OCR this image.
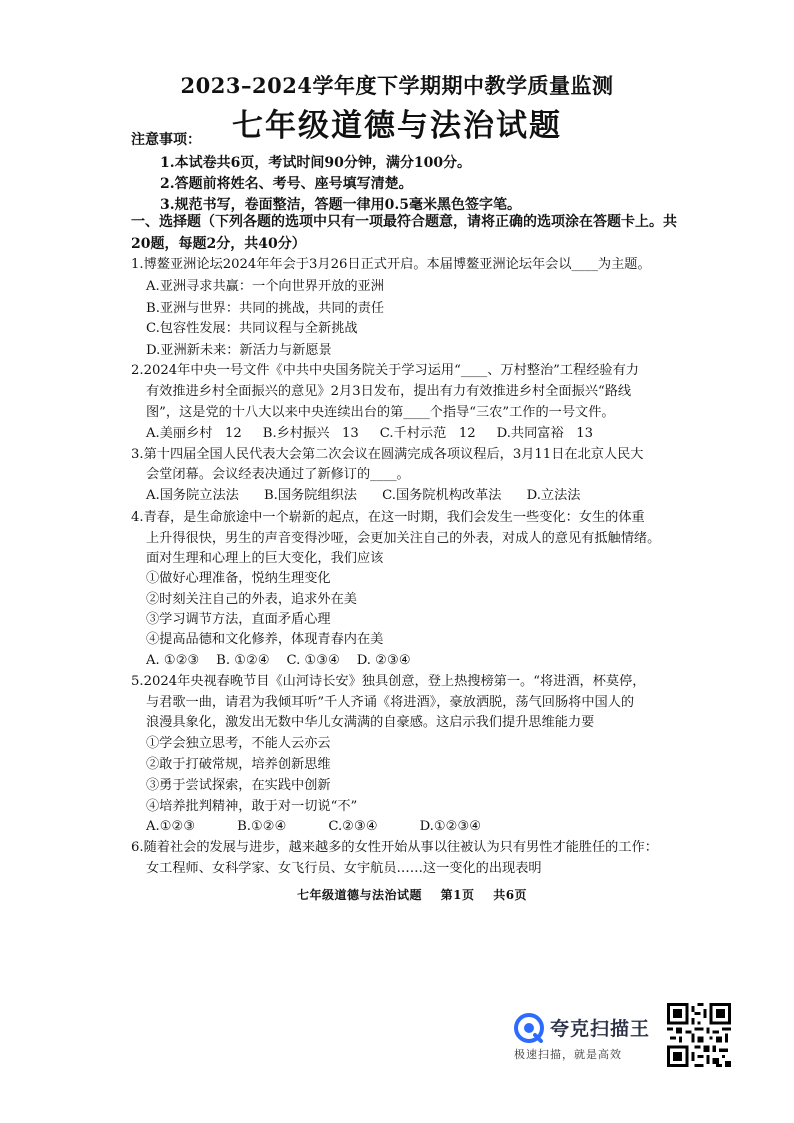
2023–2024学年度下学期期中教学质量监测
七年级道德与法治试题
注意事项：
1.本试卷共6页，考试时间90分钟，满分100分。
2.答题前将姓名、考号、座号填写清楚。
3.规范书写，卷面整洁，答题一律用0.5毫米黑色签字笔。
一、选择题（下列各题的选项中只有一项最符合题意，请将正确的选项涂在答题卡上。共
20题，每题2分，共40分）
1.博鳌亚洲论坛2024年年会于3月26日正式开启。本届博鳌亚洲论坛年会以____为主题。
A.亚洲寻求共赢：一个向世界开放的亚洲
B.亚洲与世界：共同的挑战，共同的责任
C.包容性发展：共同议程与全新挑战
D.亚洲新未来：新活力与新愿景
2.2024年中央一号文件《中共中央国务院关于学习运用“____、万村整治”工程经验有力
有效推进乡村全面振兴的意见》2月3日发布，提出有力有效推进乡村全面振兴“路线
图”，这是党的十八大以来中央连续出台的第____个指导“三农”工作的一号文件。
A.美丽乡村   12     B.乡村振兴   13     C.千村示范   12     D.共同富裕   13
3.第十四届全国人民代表大会第二次会议在圆满完成各项议程后，3月11日在北京人民大
会堂闭幕。会议经表决通过了新修订的____。
A.国务院立法法      B.国务院组织法      C.国务院机构改革法      D.立法法
4.青春，是生命旅途中一个崭新的起点，在这一时期，我们会发生一些变化：女生的体重
上升得很快，男生的声音变得沙哑，会更加关注自己的外表，对成人的意见有抵触情绪。
面对生理和心理上的巨大变化，我们应该
①做好心理准备，悦纳生理变化
②时刻关注自己的外表，追求外在美
③学习调节方法，直面矛盾心理
④提高品德和文化修养，体现青春内在美
A. ①②③    B. ①②④    C. ①③④    D. ②③④
5.2024年央视春晚节目《山河诗长安》独具创意，登上热搜榜第一。“将进酒，杯莫停，
与君歌一曲，请君为我倾耳听”千人齐诵《将进酒》，豪放洒脱，荡气回肠将中国人的
浪漫具象化，激发出无数中华儿女满满的自豪感。这启示我们提升思维能力要
①学会独立思考，不能人云亦云
②敢于打破常规，培养创新思维
③勇于尝试探索，在实践中创新
④培养批判精神，敢于对一切说“不”
A.①②③          B.①②④          C.②③④          D.①②③④
6.随着社会的发展与进步，越来越多的女性开始从事以往被认为只有男性才能胜任的工作：
女工程师、女科学家、女飞行员、女宇航员……这一变化的出现表明
七年级道德与法治试题    第1页    共6页
夸克扫描王
极速扫描，就是高效
